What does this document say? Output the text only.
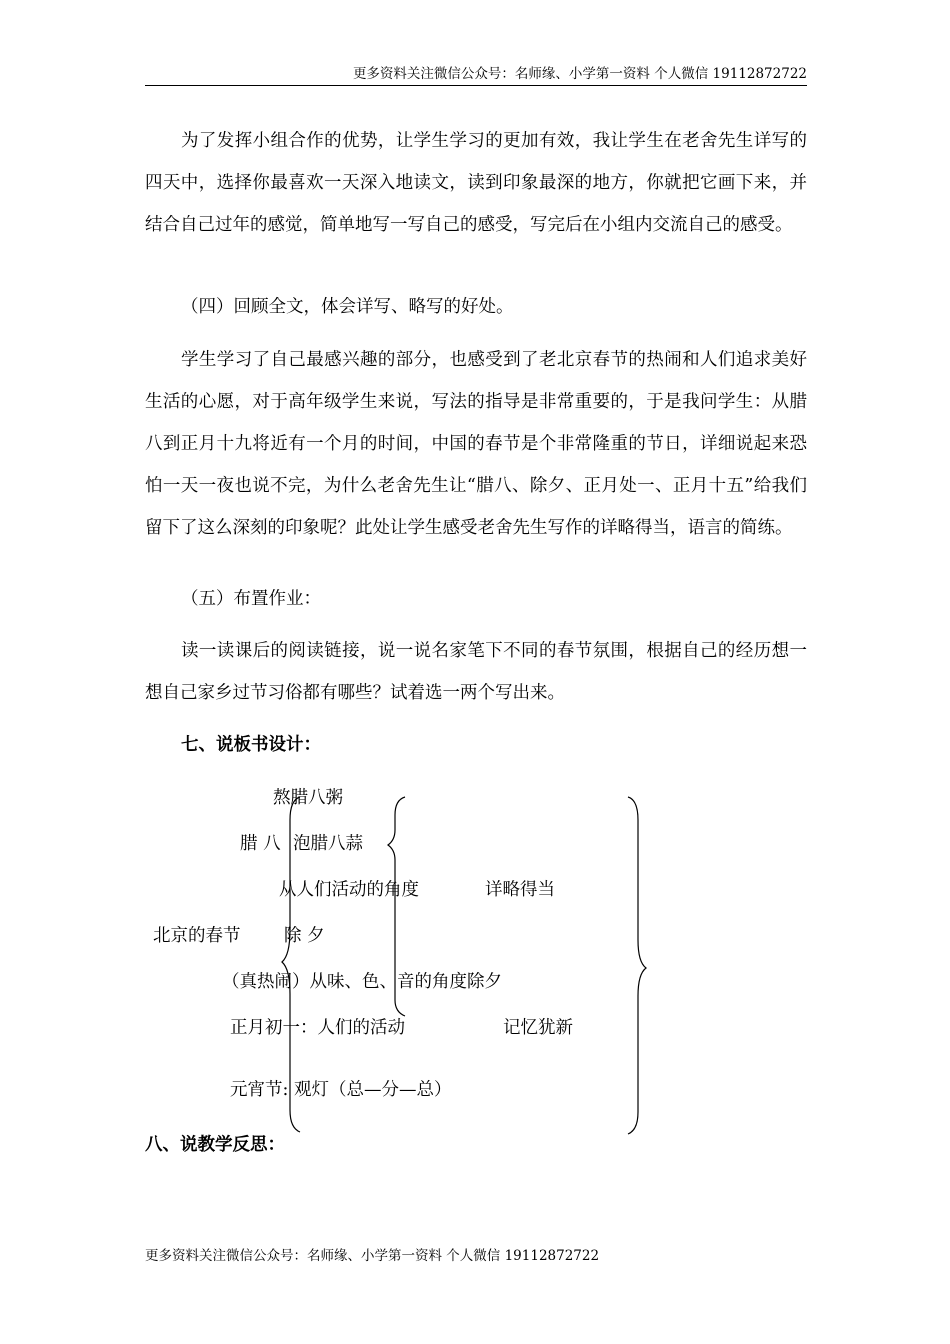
更多资料关注微信公众号：名师缘、小学第一资料 个人微信 19112872722

为了发挥小组合作的优势，让学生学习的更加有效，我让学生在老舍先生详写的四天中，选择你最喜欢一天深入地读文，读到印象最深的地方，你就把它画下来，并结合自己过年的感觉，简单地写一写自己的感受，写完后在小组内交流自己的感受。

（四）回顾全文，体会详写、略写的好处。

学生学习了自己最感兴趣的部分，也感受到了老北京春节的热闹和人们追求美好生活的心愿，对于高年级学生来说，写法的指导是非常重要的，于是我问学生：从腊八到正月十九将近有一个月的时间，中国的春节是个非常隆重的节日，详细说起来恐怕一天一夜也说不完，为什么老舍先生让“腊八、除夕、正月处一、正月十五”给我们留下了这么深刻的印象呢？此处让学生感受老舍先生写作的详略得当，语言的简练。

（五）布置作业：

读一读课后的阅读链接，说一说名家笔下不同的春节氛围，根据自己的经历想一想自己家乡过节习俗都有哪些？试着选一两个写出来。

七、说板书设计：
熬腊八粥
腊 八 泡腊八蒜
从人们活动的角度	详略得当
北京的春节 除 夕
（真热闹）从味、色、音的角度除夕
正月初一：人们的活动	记忆犹新
元宵节: 观灯（总—分—总）
八、说教学反思：
更多资料关注微信公众号：名师缘、小学第一资料 个人微信 19112872722
